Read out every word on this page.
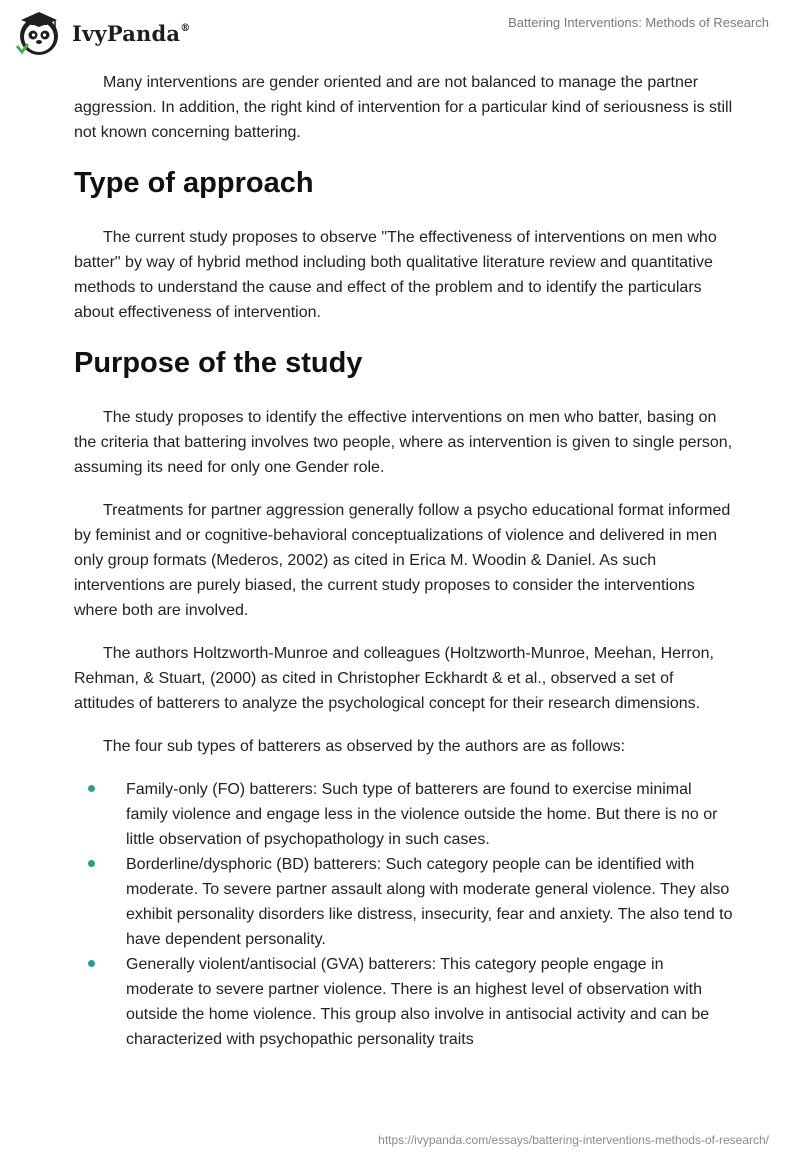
IvyPanda®	Battering Interventions: Methods of Research

Many interventions are gender oriented and are not balanced to manage the partner aggression. In addition, the right kind of intervention for a particular kind of seriousness is still not known concerning battering.

Type of approach

The current study proposes to observe "The effectiveness of interventions on men who batter" by way of hybrid method including both qualitative literature review and quantitative methods to understand the cause and effect of the problem and to identify the particulars about effectiveness of intervention.

Purpose of the study

The study proposes to identify the effective interventions on men who batter, basing on the criteria that battering involves two people, where as intervention is given to single person, assuming its need for only one Gender role.

Treatments for partner aggression generally follow a psycho educational format informed by feminist and or cognitive-behavioral conceptualizations of violence and delivered in men only group formats (Mederos, 2002) as cited in Erica M. Woodin & Daniel. As such interventions are purely biased, the current study proposes to consider the interventions where both are involved.

The authors Holtzworth-Munroe and colleagues (Holtzworth-Munroe, Meehan, Herron, Rehman, & Stuart, (2000) as cited in Christopher Eckhardt & et al., observed a set of attitudes of batterers to analyze the psychological concept for their research dimensions.

The four sub types of batterers as observed by the authors are as follows:

Family-only (FO) batterers: Such type of batterers are found to exercise minimal family violence and engage less in the violence outside the home. But there is no or little observation of psychopathology in such cases.
Borderline/dysphoric (BD) batterers: Such category people can be identified with moderate. To severe partner assault along with moderate general violence. They also exhibit personality disorders like distress, insecurity, fear and anxiety. The also tend to have dependent personality.
Generally violent/antisocial (GVA) batterers: This category people engage in moderate to severe partner violence. There is an highest level of observation with outside the home violence. This group also involve in antisocial activity and can be characterized with psychopathic personality traits
https://ivypanda.com/essays/battering-interventions-methods-of-research/
